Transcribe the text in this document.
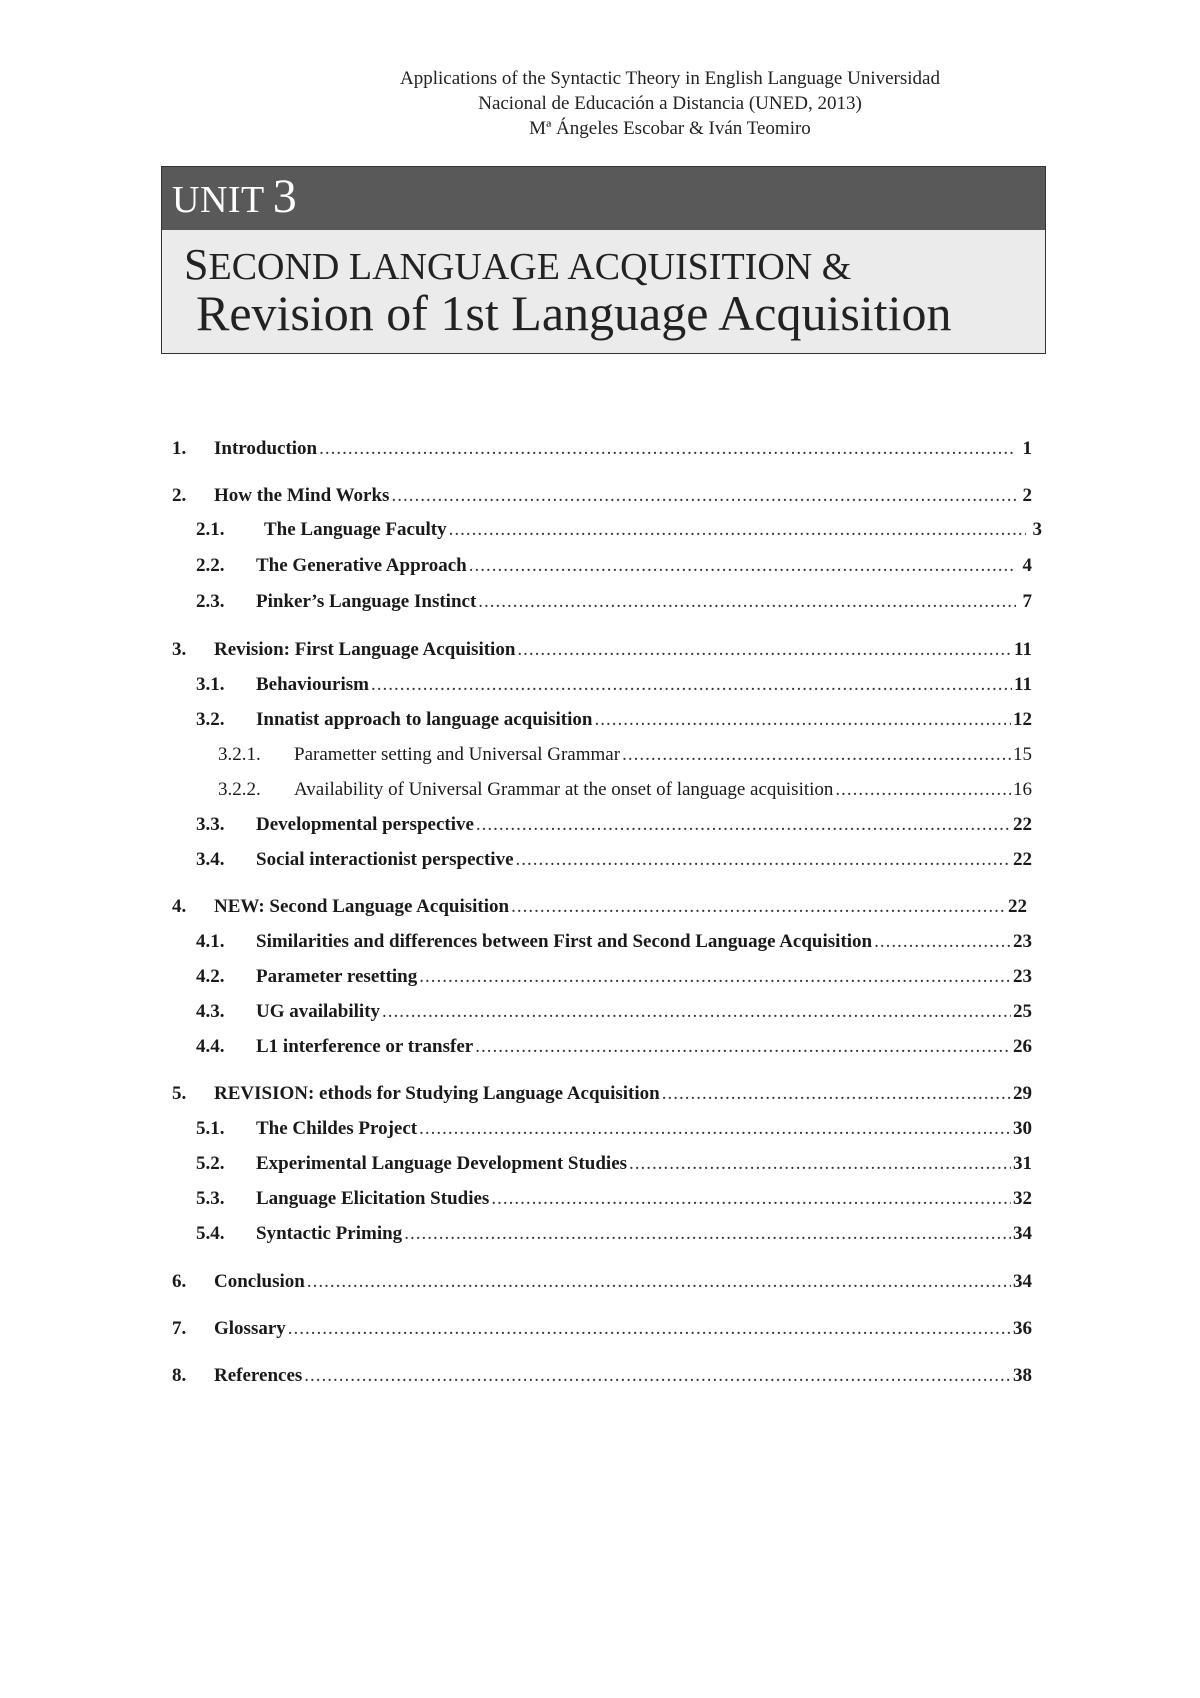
Applications of the Syntactic Theory in English Language Universidad
Nacional de Educación a Distancia (UNED, 2013)
Mª Ángeles Escobar & Iván Teomiro
UNIT 3
SECOND LANGUAGE ACQUISITION &
Revision of 1st Language Acquisition
1.	Introduction .....	1
2.	How the Mind Works .....	2
2.1.	The Language Faculty .....	3
2.2.	The Generative Approach .....	4
2.3.	Pinker’s Language Instinct .....	7
3.	Revision: First Language Acquisition .....	11
3.1.	Behaviourism .....	11
3.2.	Innatist approach to language acquisition .....	12
3.2.1.	Parametter setting and Universal Grammar .....	15
3.2.2.	Availability of Universal Grammar at the onset of language acquisition .....	16
3.3.	Developmental perspective .....	22
3.4.	Social interactionist perspective .....	22
4.	NEW: Second Language Acquisition .....	22
4.1.	Similarities and differences between First and Second Language Acquisition .....	23
4.2.	Parameter resetting .....	23
4.3.	UG availability .....	25
4.4.	L1 interference or transfer .....	26
5.	REVISION: ethods for Studying Language Acquisition .....	29
5.1.	The Childes Project .....	30
5.2.	Experimental Language Development Studies .....	31
5.3.	Language Elicitation Studies .....	32
5.4.	Syntactic Priming .....	34
6.	Conclusion .....	34
7.	Glossary .....	36
8.	References .....	38
